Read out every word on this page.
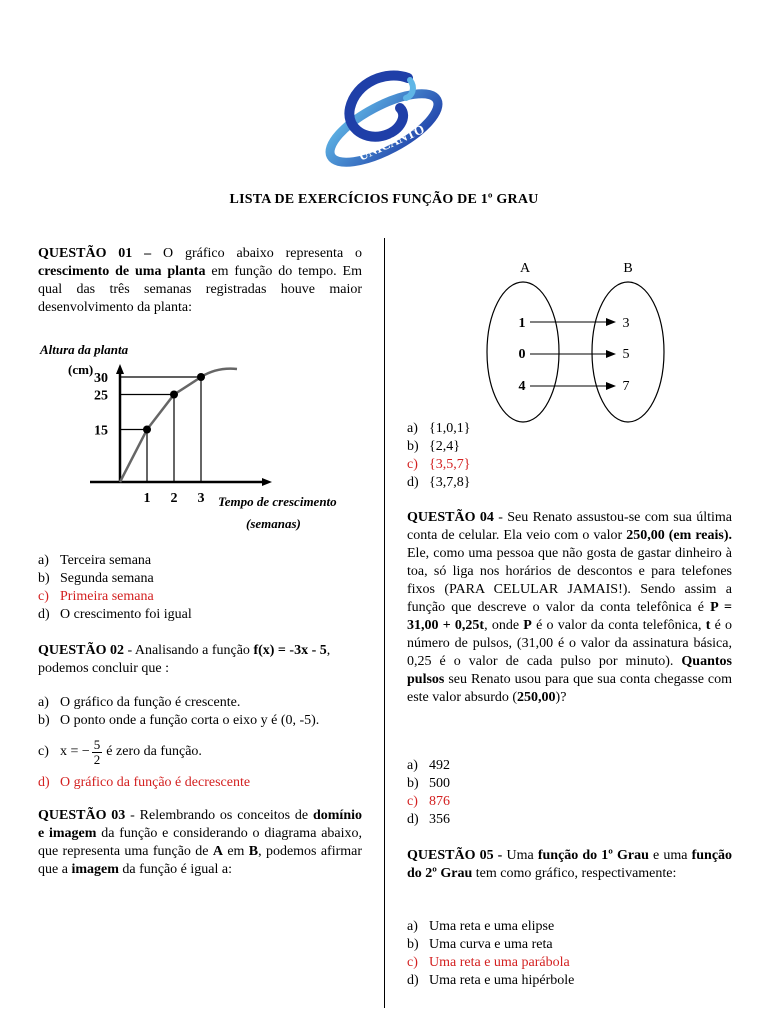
UNICANTO
LISTA DE EXERCÍCIOS FUNÇÃO DE 1º GRAU
QUESTÃO 01 – O gráfico abaixo representa o crescimento de uma planta em função do tempo. Em qual das três semanas registradas houve maior desenvolvimento da planta:
Altura da planta
(cm)
15
25
30
1 2 3 Tempo de crescimento
(semanas)
a) Terceira semana
b) Segunda semana
c) Primeira semana
d) O crescimento foi igual
QUESTÃO 02 - Analisando a função f(x) = -3x - 5, podemos concluir que :
a) O gráfico da função é crescente.
b) O ponto onde a função corta o eixo y é (0, -5).
c) x = − $\frac{5}{2}$ é zero da função.
d) O gráfico da função é decrescente
QUESTÃO 03 - Relembrando os conceitos de domínio e imagem da função e considerando o diagrama abaixo, que representa uma função de A em B, podemos afirmar que a imagem da função é igual a:
A	B
1
0
4
3
5
7
a) {1,0,1}
b) {2,4}
c) {3,5,7}
d) {3,7,8}
QUESTÃO 04 - Seu Renato assustou-se com sua última conta de celular. Ela veio com o valor 250,00 (em reais). Ele, como uma pessoa que não gosta de gastar dinheiro à toa, só liga nos horários de descontos e para telefones fixos (PARA CELULAR JAMAIS!). Sendo assim a função que descreve o valor da conta telefônica é P = 31,00 + 0,25t, onde P é o valor da conta telefônica, t é o número de pulsos, (31,00 é o valor da assinatura básica, 0,25 é o valor de cada pulso por minuto). Quantos pulsos seu Renato usou para que sua conta chegasse com este valor absurdo (250,00)?
a) 492
b) 500
c) 876
d) 356
QUESTÃO 05 - Uma função do 1º Grau e uma função do 2º Grau tem como gráfico, respectivamente:
a) Uma reta e uma elipse
b) Uma curva e uma reta
c) Uma reta e uma parábola
d) Uma reta e uma hipérbole
